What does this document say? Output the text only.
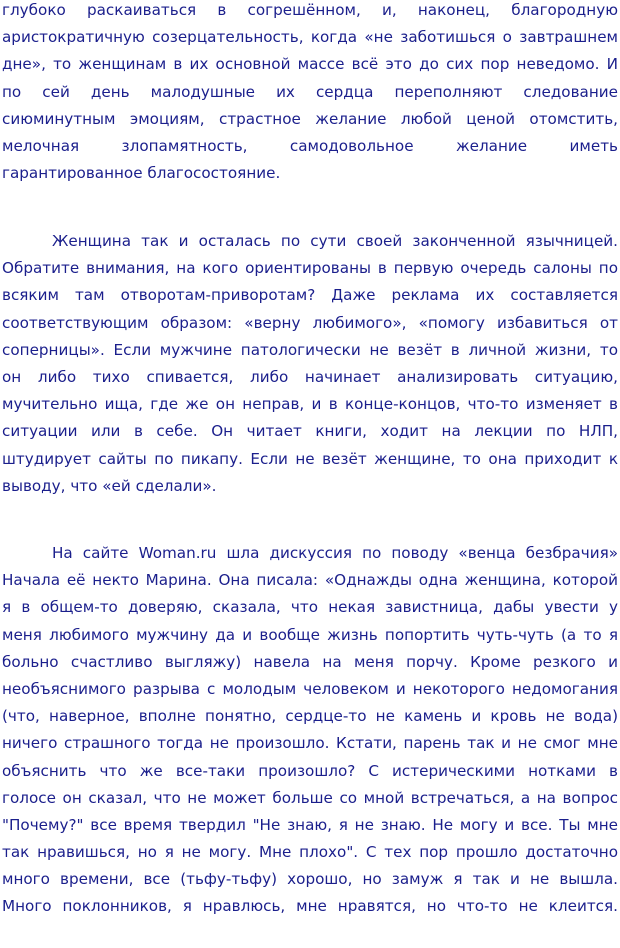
глубоко раскаиваться в согрешённом, и, наконец, благородную
аристократичную созерцательность, когда «не заботишься о завтрашнем
дне», то женщинам в их основной массе всё это до сих пор неведомо. И
по сей день малодушные их сердца переполняют следование
сиюминутным эмоциям, страстное желание любой ценой отомстить,
мелочная злопамятность, самодовольное желание иметь
гарантированное благосостояние.
Женщина так и осталась по сути своей законченной язычницей.
Обратите внимания, на кого ориентированы в первую очередь салоны по
всяким там отворотам-приворотам? Даже реклама их составляется
соответствующим образом: «верну любимого», «помогу избавиться от
соперницы». Если мужчине патологически не везёт в личной жизни, то
он либо тихо спивается, либо начинает анализировать ситуацию,
мучительно ища, где же он неправ, и в конце-концов, что-то изменяет в
ситуации или в себе. Он читает книги, ходит на лекции по НЛП,
штудирует сайты по пикапу. Если не везёт женщине, то она приходит к
выводу, что «ей сделали».
На сайте Woman.ru шла дискуссия по поводу «венца безбрачия»
Начала её некто Марина. Она писала: «Однажды одна женщина, которой
я в общем-то доверяю, сказала, что некая завистница, дабы увести у
меня любимого мужчину да и вообще жизнь попортить чуть-чуть (а то я
больно счастливо выгляжу) навела на меня порчу. Кроме резкого и
необъяснимого разрыва с молодым человеком и некоторого недомогания
(что, наверное, вполне понятно, сердце-то не камень и кровь не вода)
ничего страшного тогда не произошло. Кстати, парень так и не смог мне
объяснить что же все-таки произошло? С истерическими нотками в
голосе он сказал, что не может больше со мной встречаться, а на вопрос
"Почему?" все время твердил "Не знаю, я не знаю. Не могу и все. Ты мне
так нравишься, но я не могу. Мне плохо". С тех пор прошло достаточно
много времени, все (тьфу-тьфу) хорошо, но замуж я так и не вышла.
Много поклонников, я нравлюсь, мне нравятся, но что-то не клеится.
